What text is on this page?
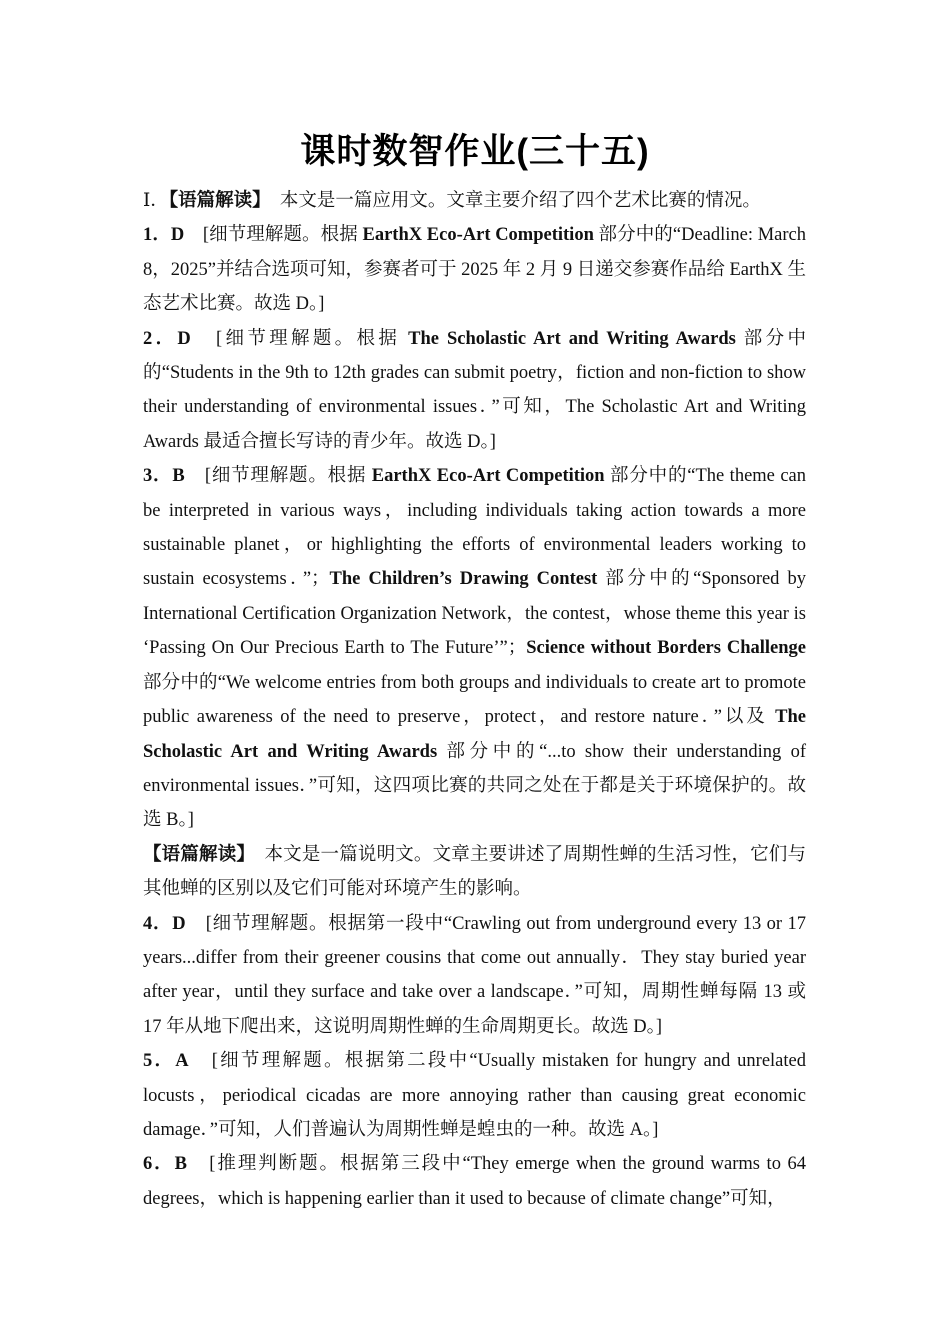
课时数智作业(三十五)

Ⅰ．【语篇解读】　本文是一篇应用文。文章主要介绍了四个艺术比赛的情况。

1．D　[细节理解题。根据 EarthX Eco-Art Competition 部分中的“Deadline: March 8，2025”并结合选项可知，参赛者可于 2025 年 2 月 9 日递交参赛作品给 EarthX 生态艺术比赛。故选 D。]

2．D　[细节理解题。根据 The Scholastic Art and Writing Awards 部分中的“Students in the 9th to 12th grades can submit poetry，fiction and non-fiction to show their understanding of environmental issues．”可知，The Scholastic Art and Writing Awards 最适合擅长写诗的青少年。故选 D。]

3．B　[细节理解题。根据 EarthX Eco-Art Competition 部分中的“The theme can be interpreted in various ways，including individuals taking action towards a more sustainable planet，or highlighting the efforts of environmental leaders working to sustain ecosystems．”；The Children’s Drawing Contest 部分中的“Sponsored by International Certification Organization Network，the contest，whose theme this year is ‘Passing On Our Precious Earth to The Future’”；Science without Borders Challenge 部分中的“We welcome entries from both groups and individuals to create art to promote public awareness of the need to preserve，protect，and restore nature．”以及 The Scholastic Art and Writing Awards 部分中的“...to show their understanding of environmental issues．”可知，这四项比赛的共同之处在于都是关于环境保护的。故选 B。]

【语篇解读】　本文是一篇说明文。文章主要讲述了周期性蝉的生活习性，它们与其他蝉的区别以及它们可能对环境产生的影响。

4．D　[细节理解题。根据第一段中“Crawling out from underground every 13 or 17 years...differ from their greener cousins that come out annually．They stay buried year after year，until they surface and take over a landscape．”可知，周期性蝉每隔 13 或 17 年从地下爬出来，这说明周期性蝉的生命周期更长。故选 D。]

5．A　[细节理解题。根据第二段中“Usually mistaken for hungry and unrelated locusts，periodical cicadas are more annoying rather than causing great economic damage．”可知，人们普遍认为周期性蝉是蝗虫的一种。故选 A。]

6．B　[推理判断题。根据第三段中“They emerge when the ground warms to 64 degrees，which is happening earlier than it used to because of climate change”可知，
